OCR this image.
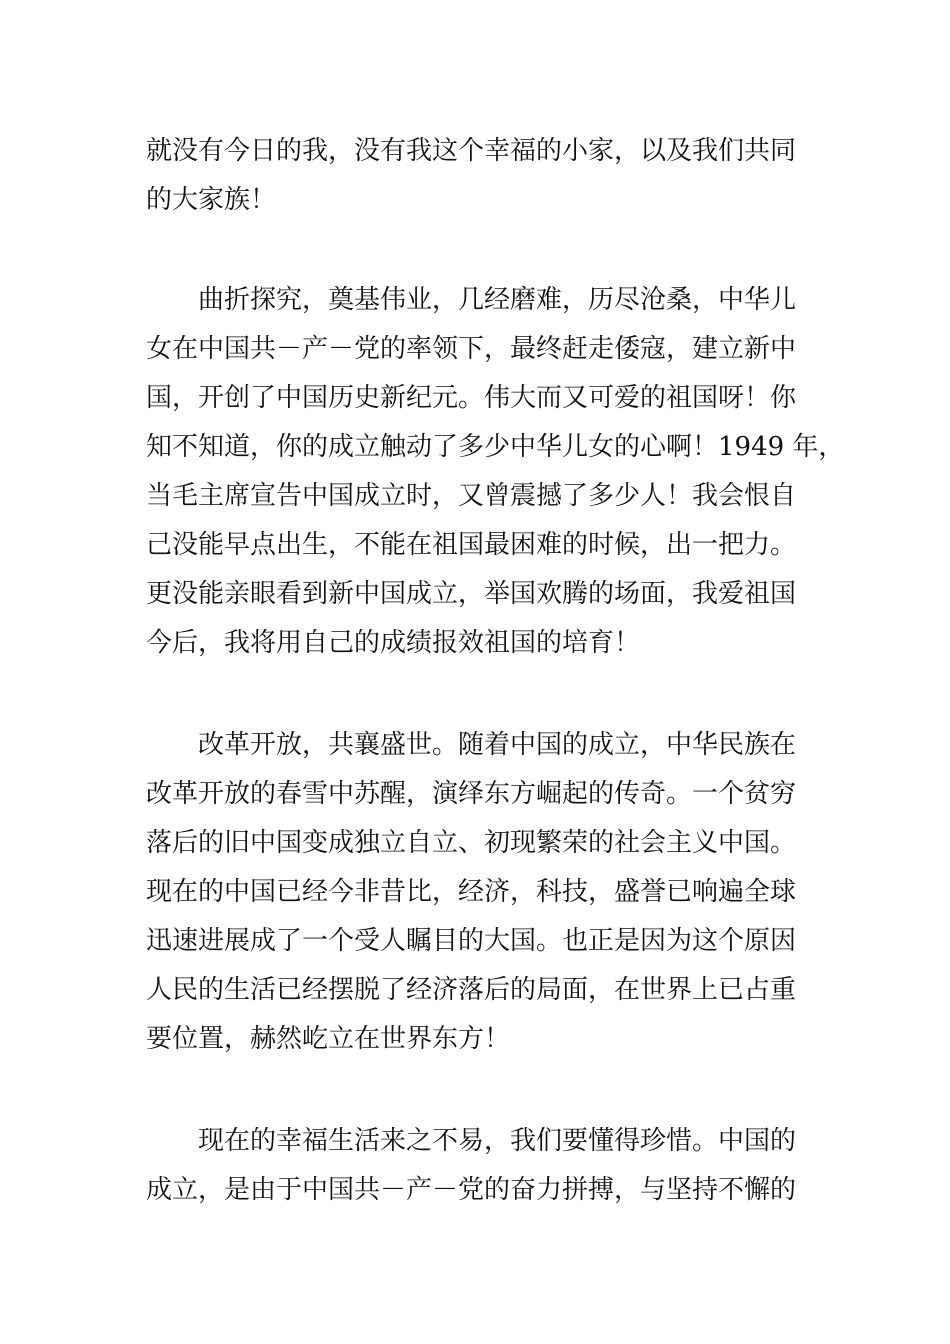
就没有今日的我，没有我这个幸福的小家，以及我们共同
的大家族！
曲折探究，奠基伟业，几经磨难，历尽沧桑，中华儿
女在中国共－产－党的率领下，最终赶走倭寇，建立新中
国，开创了中国历史新纪元。伟大而又可爱的祖国呀！你
知不知道，你的成立触动了多少中华儿女的心啊！1949 年，
当毛主席宣告中国成立时，又曾震撼了多少人！我会恨自
己没能早点出生，不能在祖国最困难的时候，出一把力。
更没能亲眼看到新中国成立，举国欢腾的场面，我爱祖国
今后，我将用自己的成绩报效祖国的培育！
改革开放，共襄盛世。随着中国的成立，中华民族在
改革开放的春雪中苏醒，演绎东方崛起的传奇。一个贫穷
落后的旧中国变成独立自立、初现繁荣的社会主义中国。
现在的中国已经今非昔比，经济，科技，盛誉已响遍全球
迅速进展成了一个受人瞩目的大国。也正是因为这个原因
人民的生活已经摆脱了经济落后的局面，在世界上已占重
要位置，赫然屹立在世界东方！
现在的幸福生活来之不易，我们要懂得珍惜。中国的
成立，是由于中国共－产－党的奋力拼搏，与坚持不懈的
